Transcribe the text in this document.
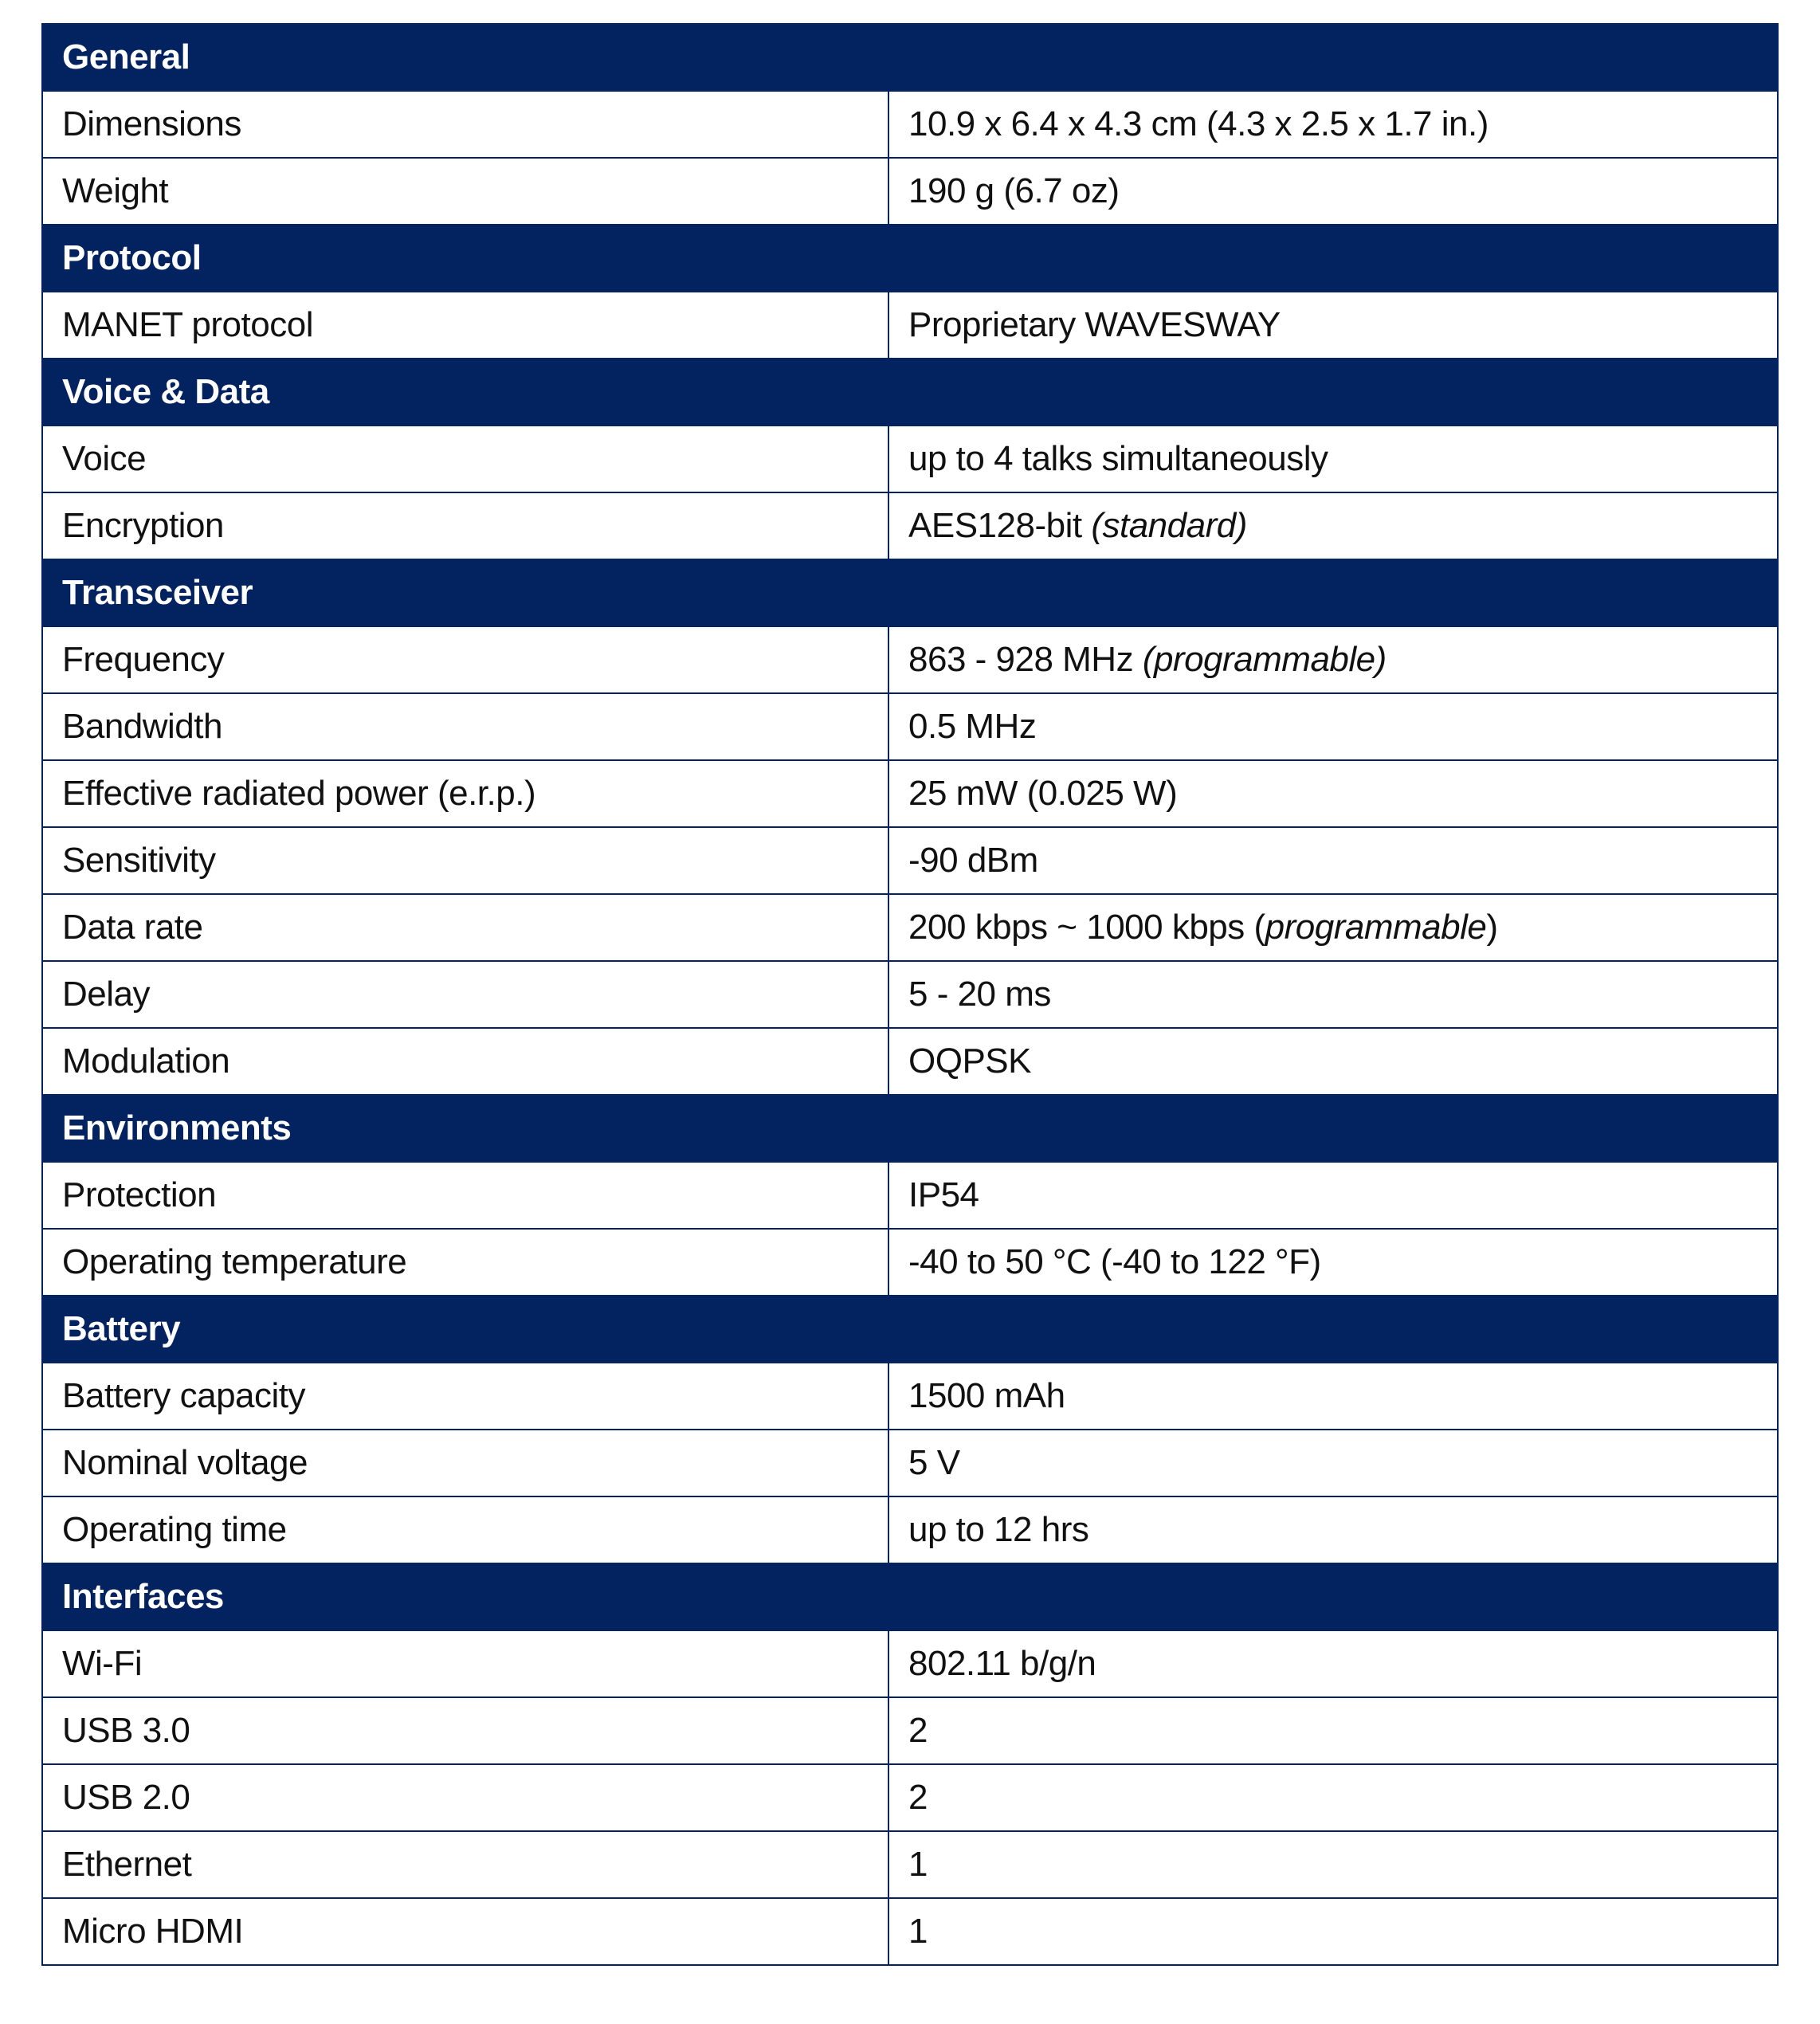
General	
Dimensions	10.9 x 6.4 x 4.3 cm (4.3 x 2.5 x 1.7 in.)
Weight	190 g (6.7 oz)
Protocol	
MANET protocol	Proprietary WAVESWAY
Voice & Data	
Voice	up to 4 talks simultaneously
Encryption	AES128-bit (standard)
Transceiver	
Frequency	863 - 928 MHz (programmable)
Bandwidth	0.5 MHz
Effective radiated power (e.r.p.)	25 mW (0.025 W)
Sensitivity	-90 dBm
Data rate	200 kbps ~ 1000 kbps (programmable)
Delay	5 - 20 ms
Modulation	OQPSK
Environments	
Protection	IP54
Operating temperature	-40 to 50 °C (-40 to 122 °F)
Battery	
Battery capacity	1500 mAh
Nominal voltage	5 V
Operating time	up to 12 hrs
Interfaces	
Wi-Fi	802.11 b/g/n
USB 3.0	2
USB 2.0	2
Ethernet	1
Micro HDMI	1
